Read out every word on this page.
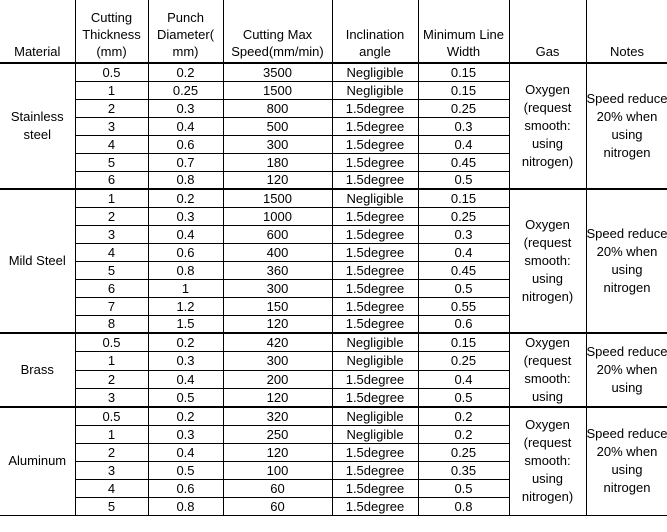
Material	Cutting Thickness (mm)	Punch Diameter( mm)	Cutting Max Speed(mm/min)	Inclination angle	Minimum Line Width	Gas	Notes
Stainless steel	0.5	0.2	3500	Negligible	0.15	Oxygen (request smooth: using nitrogen)	Speed reduce 20% when using nitrogen
	1	0.25	1500	Negligible	0.15		
	2	0.3	800	1.5degree	0.25		
	3	0.4	500	1.5degree	0.3		
	4	0.6	300	1.5degree	0.4		
	5	0.7	180	1.5degree	0.45		
	6	0.8	120	1.5degree	0.5		
Mild Steel	1	0.2	1500	Negligible	0.15	Oxygen (request smooth: using nitrogen)	Speed reduce 20% when using nitrogen
	2	0.3	1000	1.5degree	0.25		
	3	0.4	600	1.5degree	0.3		
	4	0.6	400	1.5degree	0.4		
	5	0.8	360	1.5degree	0.45		
	6	1	300	1.5degree	0.5		
	7	1.2	150	1.5degree	0.55		
	8	1.5	120	1.5degree	0.6		
Brass	0.5	0.2	420	Negligible	0.15	Oxygen (request smooth: using	Speed reduce 20% when using
	1	0.3	300	Negligible	0.25		
	2	0.4	200	1.5degree	0.4		
	3	0.5	120	1.5degree	0.5		
Aluminum	0.5	0.2	320	Negligible	0.2	Oxygen (request smooth: using nitrogen)	Speed reduce 20% when using nitrogen
	1	0.3	250	Negligible	0.2		
	2	0.4	120	1.5degree	0.25		
	3	0.5	100	1.5degree	0.35		
	4	0.6	60	1.5degree	0.5		
	5	0.8	60	1.5degree	0.8		
